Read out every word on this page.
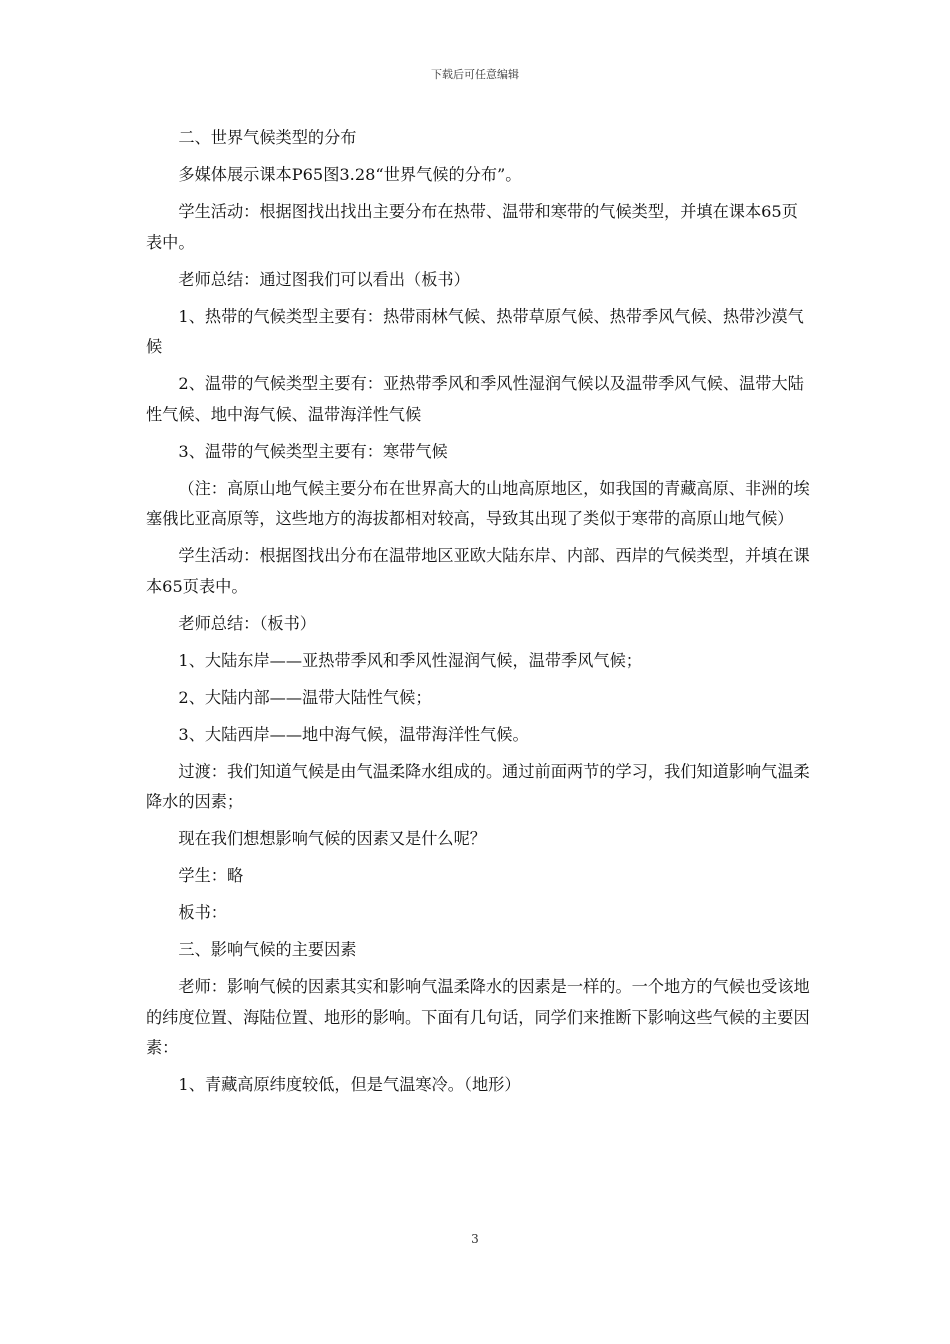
下载后可任意编辑

二、世界气候类型的分布

多媒体展示课本P65图3.28“世界气候的分布”。

学生活动：根据图找出找出主要分布在热带、温带和寒带的气候类型，并填在课本65页表中。

老师总结：通过图我们可以看出（板书）

1、热带的气候类型主要有：热带雨林气候、热带草原气候、热带季风气候、热带沙漠气候

2、温带的气候类型主要有：亚热带季风和季风性湿润气候以及温带季风气候、温带大陆性气候、地中海气候、温带海洋性气候

3、温带的气候类型主要有：寒带气候

（注：高原山地气候主要分布在世界高大的山地高原地区，如我国的青藏高原、非洲的埃塞俄比亚高原等，这些地方的海拔都相对较高，导致其出现了类似于寒带的高原山地气候）

学生活动：根据图找出分布在温带地区亚欧大陆东岸、内部、西岸的气候类型，并填在课本65页表中。

老师总结：（板书）

1、大陆东岸——亚热带季风和季风性湿润气候，温带季风气候；

2、大陆内部——温带大陆性气候；

3、大陆西岸——地中海气候，温带海洋性气候。

过渡：我们知道气候是由气温柔降水组成的。通过前面两节的学习，我们知道影响气温柔降水的因素；

现在我们想想影响气候的因素又是什么呢？

学生：略

板书：

三、影响气候的主要因素

老师：影响气候的因素其实和影响气温柔降水的因素是一样的。一个地方的气候也受该地的纬度位置、海陆位置、地形的影响。下面有几句话，同学们来推断下影响这些气候的主要因素：

1、青藏高原纬度较低，但是气温寒冷。（地形）

3
